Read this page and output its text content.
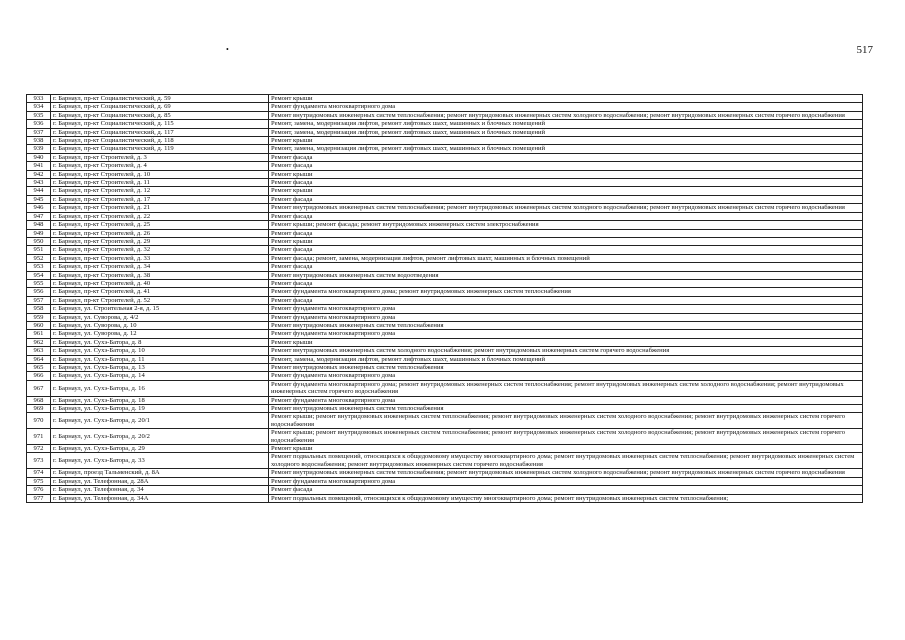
•	517
933	г. Барнаул, пр-кт Социалистический, д. 59	Ремонт крыши
934	г. Барнаул, пр-кт Социалистический, д. 69	Ремонт фундамента многоквартирного дома
935	г. Барнаул, пр-кт Социалистический, д. 85	Ремонт внутридомовых инженерных систем теплоснабжения; ремонт внутридомовых инженерных систем холодного водоснабжения; ремонт внутридомовых инженерных систем горячего водоснабжения
936	г. Барнаул, пр-кт Социалистический, д. 115	Ремонт, замена, модернизация лифтов, ремонт лифтовых шахт, машинных и блочных помещений
937	г. Барнаул, пр-кт Социалистический, д. 117	Ремонт, замена, модернизация лифтов, ремонт лифтовых шахт, машинных и блочных помещений
938	г. Барнаул, пр-кт Социалистический, д. 118	Ремонт крыши
939	г. Барнаул, пр-кт Социалистический, д. 119	Ремонт, замена, модернизация лифтов, ремонт лифтовых шахт, машинных и блочных помещений
940	г. Барнаул, пр-кт Строителей, д. 3	Ремонт фасада
941	г. Барнаул, пр-кт Строителей, д. 4	Ремонт фасада
942	г. Барнаул, пр-кт Строителей, д. 10	Ремонт крыши
943	г. Барнаул, пр-кт Строителей, д. 11	Ремонт фасада
944	г. Барнаул, пр-кт Строителей, д. 12	Ремонт крыши
945	г. Барнаул, пр-кт Строителей, д. 17	Ремонт фасада
946	г. Барнаул, пр-кт Строителей, д. 21	Ремонт внутридомовых инженерных систем теплоснабжения; ремонт внутридомовых инженерных систем холодного водоснабжения; ремонт внутридомовых инженерных систем горячего водоснабжения
947	г. Барнаул, пр-кт Строителей, д. 22	Ремонт фасада
948	г. Барнаул, пр-кт Строителей, д. 25	Ремонт крыши; ремонт фасада; ремонт внутридомовых инженерных систем электроснабжения
949	г. Барнаул, пр-кт Строителей, д. 26	Ремонт фасада
950	г. Барнаул, пр-кт Строителей, д. 29	Ремонт крыши
951	г. Барнаул, пр-кт Строителей, д. 32	Ремонт фасада
952	г. Барнаул, пр-кт Строителей, д. 33	Ремонт фасада; ремонт, замена, модернизация лифтов, ремонт лифтовых шахт, машинных и блочных помещений
953	г. Барнаул, пр-кт Строителей, д. 34	Ремонт фасада
954	г. Барнаул, пр-кт Строителей, д. 38	Ремонт внутридомовых инженерных систем водоотведения
955	г. Барнаул, пр-кт Строителей, д. 40	Ремонт фасада
956	г. Барнаул, пр-кт Строителей, д. 41	Ремонт фундамента многоквартирного дома; ремонт внутридомовых инженерных систем теплоснабжения
957	г. Барнаул, пр-кт Строителей, д. 52	Ремонт фасада
958	г. Барнаул, ул. Строительная 2-я, д. 15	Ремонт фундамента многоквартирного дома
959	г. Барнаул, ул. Суворова, д. 4/2	Ремонт фундамента многоквартирного дома
960	г. Барнаул, ул. Суворова, д. 10	Ремонт внутридомовых инженерных систем теплоснабжения
961	г. Барнаул, ул. Суворова, д. 12	Ремонт фундамента многоквартирного дома
962	г. Барнаул, ул. Сухэ-Батора, д. 8	Ремонт крыши
963	г. Барнаул, ул. Сухэ-Батора, д. 10	Ремонт внутридомовых инженерных систем холодного водоснабжения; ремонт внутридомовых инженерных систем горячего водоснабжения
964	г. Барнаул, ул. Сухэ-Батора, д. 11	Ремонт, замена, модернизация лифтов, ремонт лифтовых шахт, машинных и блочных помещений
965	г. Барнаул, ул. Сухэ-Батора, д. 13	Ремонт внутридомовых инженерных систем теплоснабжения
966	г. Барнаул, ул. Сухэ-Батора, д. 14	Ремонт фундамента многоквартирного дома
967	г. Барнаул, ул. Сухэ-Батора, д. 16	Ремонт фундамента многоквартирного дома; ремонт внутридомовых инженерных систем теплоснабжения; ремонт внутридомовых инженерных систем холодного водоснабжения; ремонт внутридомовых инженерных систем горячего водоснабжения
968	г. Барнаул, ул. Сухэ-Батора, д. 18	Ремонт фундамента многоквартирного дома
969	г. Барнаул, ул. Сухэ-Батора, д. 19	Ремонт внутридомовых инженерных систем теплоснабжения
970	г. Барнаул, ул. Сухэ-Батора, д. 20/1	Ремонт крыши; ремонт внутридомовых инженерных систем теплоснабжения; ремонт внутридомовых инженерных систем холодного водоснабжения; ремонт внутридомовых инженерных систем горячего водоснабжения
971	г. Барнаул, ул. Сухэ-Батора, д. 20/2	Ремонт крыши; ремонт внутридомовых инженерных систем теплоснабжения; ремонт внутридомовых инженерных систем холодного водоснабжения; ремонт внутридомовых инженерных систем горячего водоснабжения
972	г. Барнаул, ул. Сухэ-Батора, д. 29	Ремонт крыши
973	г. Барнаул, ул. Сухэ-Батора, д. 33	Ремонт подвальных помещений, относящихся к общедомовому имуществу многоквартирного дома; ремонт внутридомовых инженерных систем теплоснабжения; ремонт внутридомовых инженерных систем холодного водоснабжения; ремонт внутридомовых инженерных систем горячего водоснабжения
974	г. Барнаул, проезд Тальменский, д. 8А	Ремонт внутридомовых инженерных систем теплоснабжения; ремонт внутридомовых инженерных систем холодного водоснабжения; ремонт внутридомовых инженерных систем горячего водоснабжения
975	г. Барнаул, ул. Телефонная, д. 28А	Ремонт фундамента многоквартирного дома
976	г. Барнаул, ул. Телефонная, д. 34	Ремонт фасада
977	г. Барнаул, ул. Телефонная, д. 34А	Ремонт подвальных помещений, относящихся к общедомовому имуществу многоквартирного дома; ремонт внутридомовых инженерных систем теплоснабжения;
